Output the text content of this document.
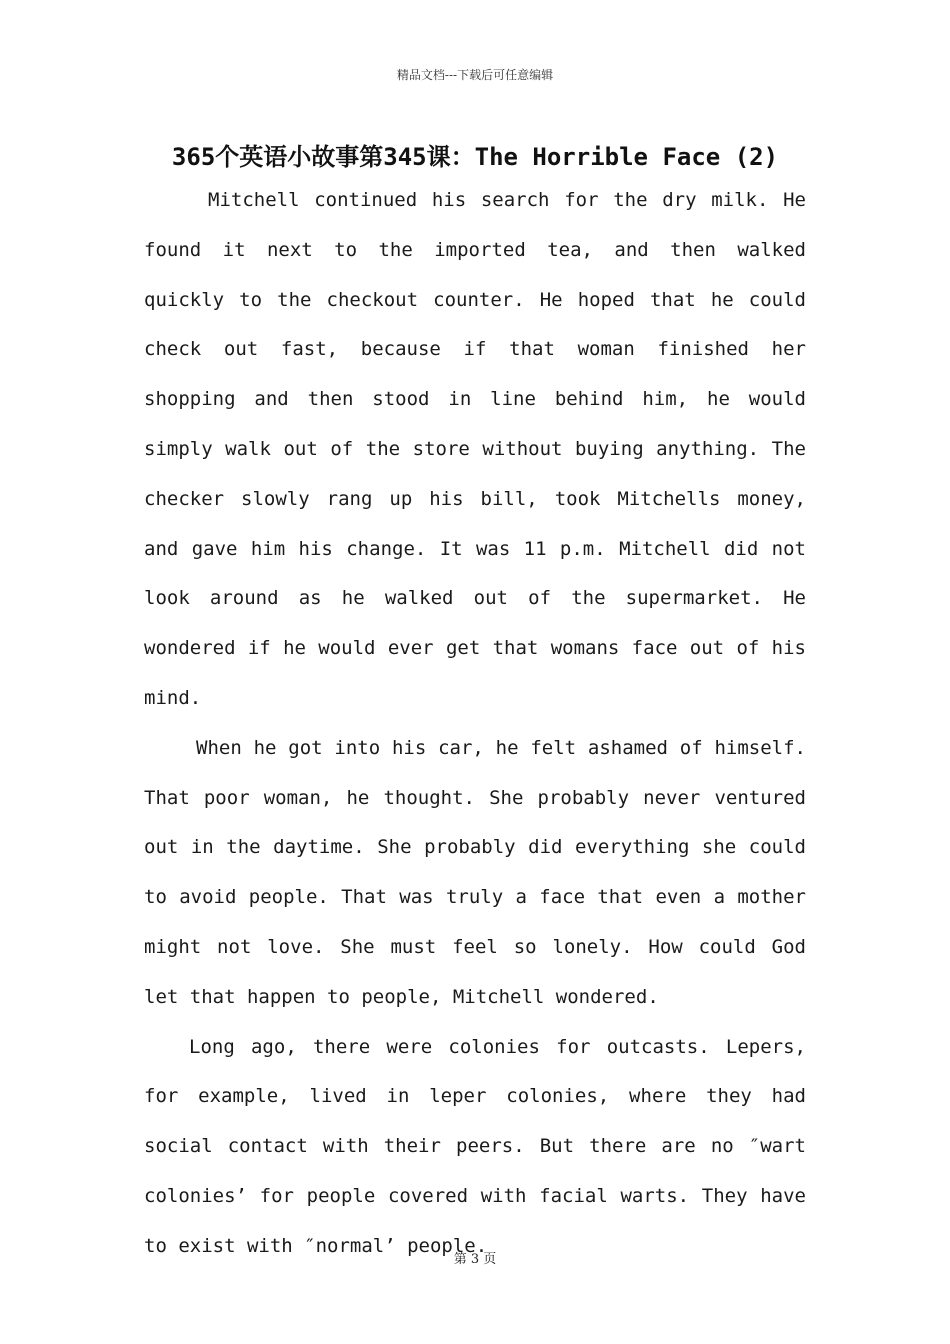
精品文档---下载后可任意编辑
365个英语小故事第345课：The Horrible Face (2)

Mitchell continued his search for the dry milk. He found it next to the imported tea, and then walked quickly to the checkout counter. He hoped that he could check out fast, because if that woman finished her shopping and then stood in line behind him, he would simply walk out of the store without buying anything. The checker slowly rang up his bill, took Mitchells money, and gave him his change. It was 11 p.m. Mitchell did not look around as he walked out of the supermarket. He wondered if he would ever get that womans face out of his mind.

When he got into his car, he felt ashamed of himself. That poor woman, he thought. She probably never ventured out in the daytime. She probably did everything she could to avoid people. That was truly a face that even a mother might not love. She must feel so lonely. How could God let that happen to people, Mitchell wondered.

Long ago, there were colonies for outcasts. Lepers, for example, lived in leper colonies, where they had social contact with their peers. But there are no ″wart colonies’ for people covered with facial warts. They have to exist with ″normal’ people.

第 3 页
